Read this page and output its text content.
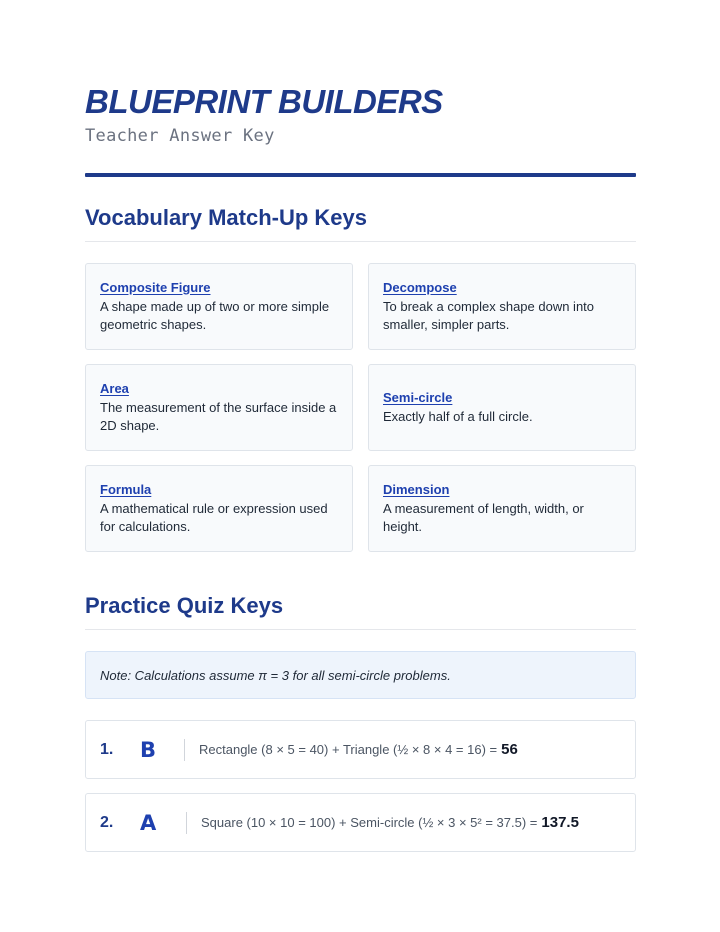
BLUEPRINT BUILDERS
Teacher Answer Key
Vocabulary Match-Up Keys
Composite Figure
A shape made up of two or more simple geometric shapes.
Decompose
To break a complex shape down into smaller, simpler parts.
Area
The measurement of the surface inside a 2D shape.
Semi-circle
Exactly half of a full circle.
Formula
A mathematical rule or expression used for calculations.
Dimension
A measurement of length, width, or height.
Practice Quiz Keys
Note: Calculations assume π = 3 for all semi-circle problems.
1.	B	Rectangle (8 × 5 = 40) + Triangle (½ × 8 × 4 = 16) = 56
2.	A	Square (10 × 10 = 100) + Semi-circle (½ × 3 × 5² = 37.5) = 137.5
